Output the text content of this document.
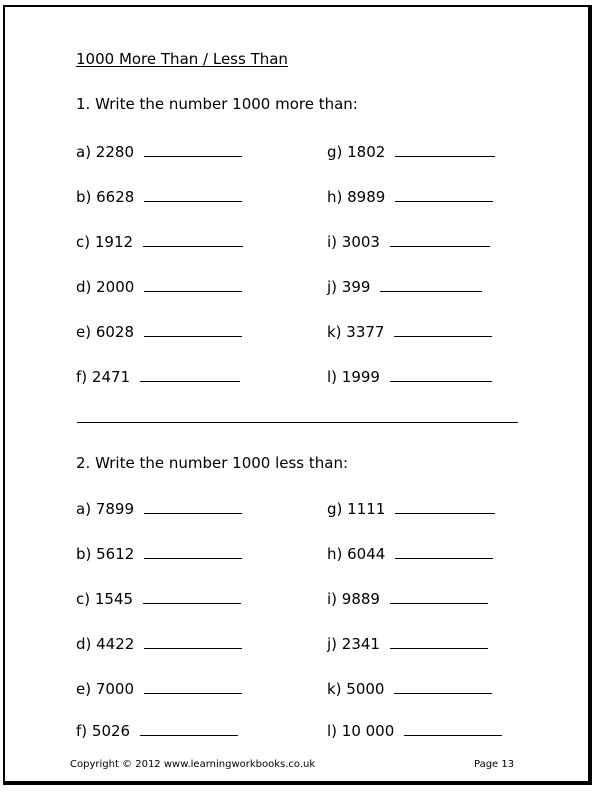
1000 More Than / Less Than
1. Write the number 1000 more than:
a) 2280
b) 6628
c) 1912
d) 2000
e) 6028
f) 2471
g) 1802
h) 8989
i) 3003
j) 399
k) 3377
l) 1999
2. Write the number 1000 less than:
a) 7899
b) 5612
c) 1545
d) 4422
e) 7000
f) 5026
g) 1111
h) 6044
i) 9889
j) 2341
k) 5000
l) 10 000
Copyright © 2012 www.learningworkbooks.co.uk	Page 13
